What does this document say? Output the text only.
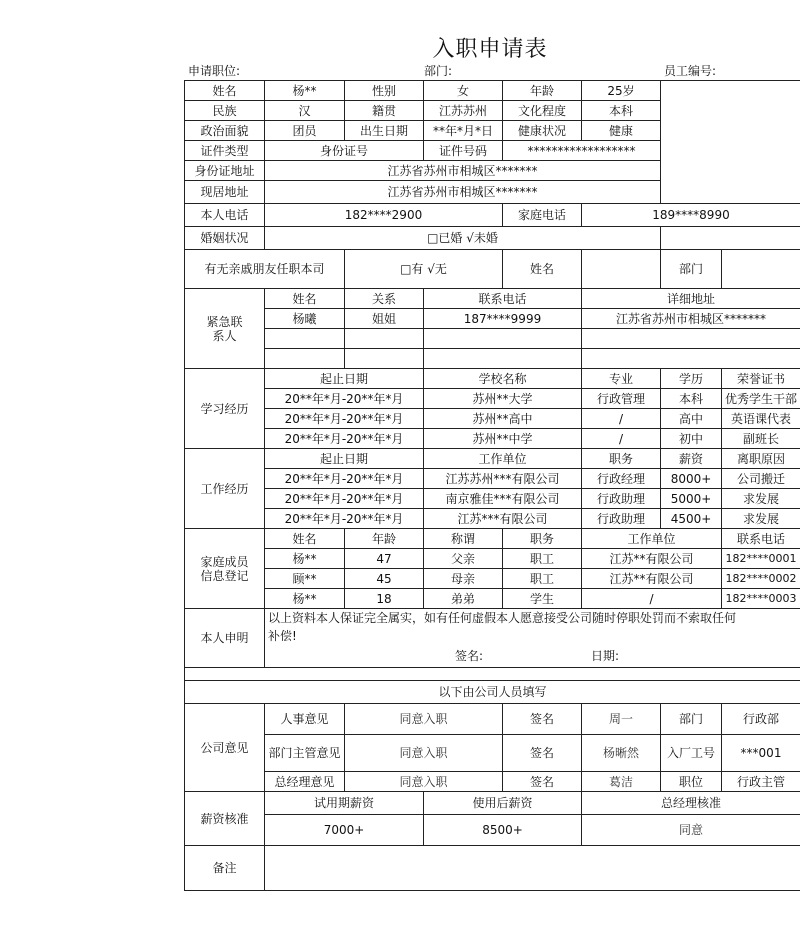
入职申请表
申请职位:	部门:	员工编号:
姓名	杨**	性别	女	年龄	25岁		
民族	汉	籍贯	江苏苏州	文化程度	本科		
政治面貌	团员	出生日期	**年*月*日	健康状况	健康		
证件类型	身份证号		证件号码	******************			
身份证地址	江苏省苏州市相城区*******						
现居地址	江苏省苏州市相城区*******						
本人电话	182****2900			家庭电话	189****8990		
婚姻状况	□已婚 √未婚						
有无亲戚朋友任职本司		□有 √无		姓名		部门	
紧急联系人	姓名	关系	联系电话		详细地址		
	杨曦	姐姐	187****9999		江苏省苏州市相城区*******		

学习经历	起止日期		学校名称		专业	学历	荣誉证书
	20**年*月-20**年*月		苏州**大学		行政管理	本科	优秀学生干部
	20**年*月-20**年*月		苏州**高中		/	高中	英语课代表
	20**年*月-20**年*月		苏州**中学		/	初中	副班长
工作经历	起止日期		工作单位		职务	薪资	离职原因
	20**年*月-20**年*月		江苏苏州***有限公司		行政经理	8000+	公司搬迁
	20**年*月-20**年*月		南京雅佳***有限公司		行政助理	5000+	求发展
	20**年*月-20**年*月		江苏***有限公司		行政助理	4500+	求发展
家庭成员信息登记	姓名	年龄	称谓	职务	工作单位		联系电话
	杨**	47	父亲	职工	江苏**有限公司		182****0001
	顾**	45	母亲	职工	江苏**有限公司		182****0002
	杨**	18	弟弟	学生	/		182****0003
本人申明	以上资料本人保证完全属实，如有任何虚假本人愿意接受公司随时停职处罚而不索取任何补偿!
签名: 日期:						

以下由公司人员填写							
公司意见	人事意见	同意入职		签名	周一	部门	行政部
	部门主管意见	同意入职		签名	杨晰然	入厂工号	***001
	总经理意见	同意入职		签名	葛洁	职位	行政主管
薪资核准	试用期薪资		使用后薪资		总经理核准		
	7000+		8500+		同意		
备注							
